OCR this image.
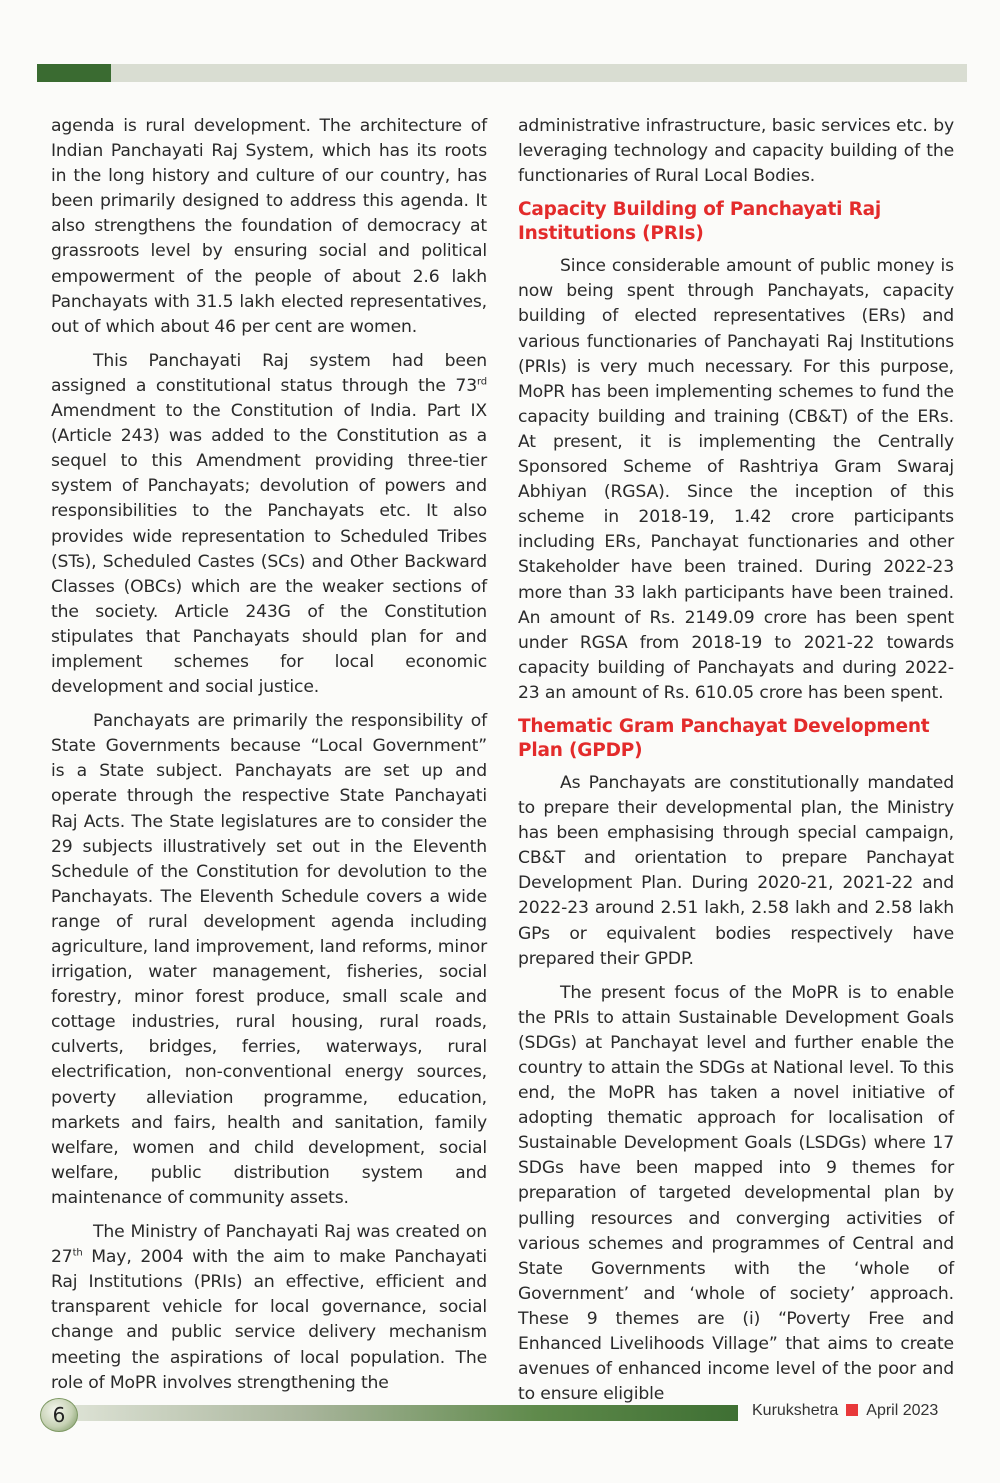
agenda is rural development. The architecture of Indian Panchayati Raj System, which has its roots in the long history and culture of our country, has been primarily designed to address this agenda. It also strengthens the foundation of democracy at grassroots level by ensuring social and political empowerment of the people of about 2.6 lakh Panchayats with 31.5 lakh elected representatives, out of which about 46 per cent are women.

This Panchayati Raj system had been assigned a constitutional status through the 73rd Amendment to the Constitution of India. Part IX (Article 243) was added to the Constitution as a sequel to this Amendment providing three-tier system of Panchayats; devolution of powers and responsibilities to the Panchayats etc. It also provides wide representation to Scheduled Tribes (STs), Scheduled Castes (SCs) and Other Backward Classes (OBCs) which are the weaker sections of the society. Article 243G of the Constitution stipulates that Panchayats should plan for and implement schemes for local economic development and social justice.

Panchayats are primarily the responsibility of State Governments because “Local Government” is a State subject. Panchayats are set up and operate through the respective State Panchayati Raj Acts. The State legislatures are to consider the 29 subjects illustratively set out in the Eleventh Schedule of the Constitution for devolution to the Panchayats. The Eleventh Schedule covers a wide range of rural development agenda including agriculture, land improvement, land reforms, minor irrigation, water management, fisheries, social forestry, minor forest produce, small scale and cottage industries, rural housing, rural roads, culverts, bridges, ferries, waterways, rural electrification, non-conventional energy sources, poverty alleviation programme, education, markets and fairs, health and sanitation, family welfare, women and child development, social welfare, public distribution system and maintenance of community assets.

The Ministry of Panchayati Raj was created on 27th May, 2004 with the aim to make Panchayati Raj Institutions (PRIs) an effective, efficient and transparent vehicle for local governance, social change and public service delivery mechanism meeting the aspirations of local population. The role of MoPR involves strengthening the

administrative infrastructure, basic services etc. by leveraging technology and capacity building of the functionaries of Rural Local Bodies.

Capacity Building of Panchayati Raj Institutions (PRIs)

Since considerable amount of public money is now being spent through Panchayats, capacity building of elected representatives (ERs) and various functionaries of Panchayati Raj Institutions (PRIs) is very much necessary. For this purpose, MoPR has been implementing schemes to fund the capacity building and training (CB&T) of the ERs. At present, it is implementing the Centrally Sponsored Scheme of Rashtriya Gram Swaraj Abhiyan (RGSA). Since the inception of this scheme in 2018-19, 1.42 crore participants including ERs, Panchayat functionaries and other Stakeholder have been trained. During 2022-23 more than 33 lakh participants have been trained. An amount of Rs. 2149.09 crore has been spent under RGSA from 2018-19 to 2021-22 towards capacity building of Panchayats and during 2022-23 an amount of Rs. 610.05 crore has been spent.

Thematic Gram Panchayat Development Plan (GPDP)

As Panchayats are constitutionally mandated to prepare their developmental plan, the Ministry has been emphasising through special campaign, CB&T and orientation to prepare Panchayat Development Plan. During 2020-21, 2021-22 and 2022-23 around 2.51 lakh, 2.58 lakh and 2.58 lakh GPs or equivalent bodies respectively have prepared their GPDP.

The present focus of the MoPR is to enable the PRIs to attain Sustainable Development Goals (SDGs) at Panchayat level and further enable the country to attain the SDGs at National level. To this end, the MoPR has taken a novel initiative of adopting thematic approach for localisation of Sustainable Development Goals (LSDGs) where 17 SDGs have been mapped into 9 themes for preparation of targeted developmental plan by pulling resources and converging activities of various schemes and programmes of Central and State Governments with the ‘whole of Government’ and ‘whole of society’ approach. These 9 themes are (i) “Poverty Free and Enhanced Livelihoods Village” that aims to create avenues of enhanced income level of the poor and to ensure eligible

6	Kurukshetra April 2023
